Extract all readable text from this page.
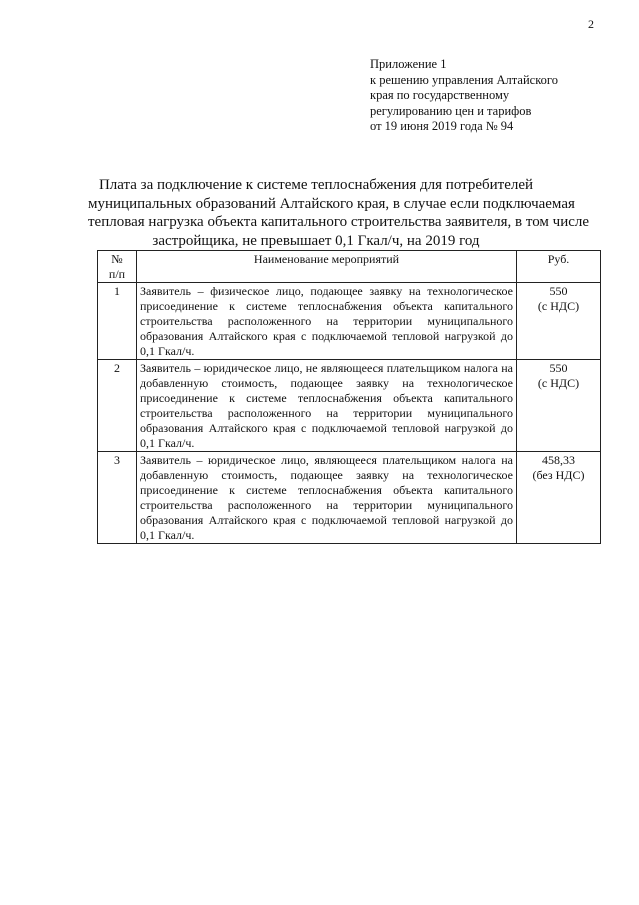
2
Приложение 1
к решению управления Алтайского
края по государственному
регулированию цен и тарифов
от 19 июня 2019 года № 94
Плата за подключение к системе теплоснабжения для потребителей
муниципальных образований Алтайского края, в случае если подключаемая
тепловая нагрузка объекта капитального строительства заявителя, в том числе
застройщика, не превышает 0,1 Гкал/ч, на 2019 год
№
п/п	Наименование мероприятий	Руб.
1	Заявитель – физическое лицо, подающее заявку на технологическое присоединение к системе теплоснабжения объекта капитального строительства расположенного на территории муниципального образования Алтайского края с подключаемой тепловой нагрузкой до 0,1 Гкал/ч.	550
(с НДС)

2	Заявитель – юридическое лицо, не являющееся плательщиком налога на добавленную стоимость, подающее заявку на технологическое присоединение к системе теплоснабжения объекта капитального строительства расположенного на территории муниципального образования Алтайского края с подключаемой тепловой нагрузкой до 0,1 Гкал/ч.	550
(с НДС)

3	Заявитель – юридическое лицо, являющееся плательщиком налога на добавленную стоимость, подающее заявку на технологическое присоединение к системе теплоснабжения объекта капитального строительства расположенного на территории муниципального образования Алтайского края с подключаемой тепловой нагрузкой до 0,1 Гкал/ч.	458,33
(без НДС)
